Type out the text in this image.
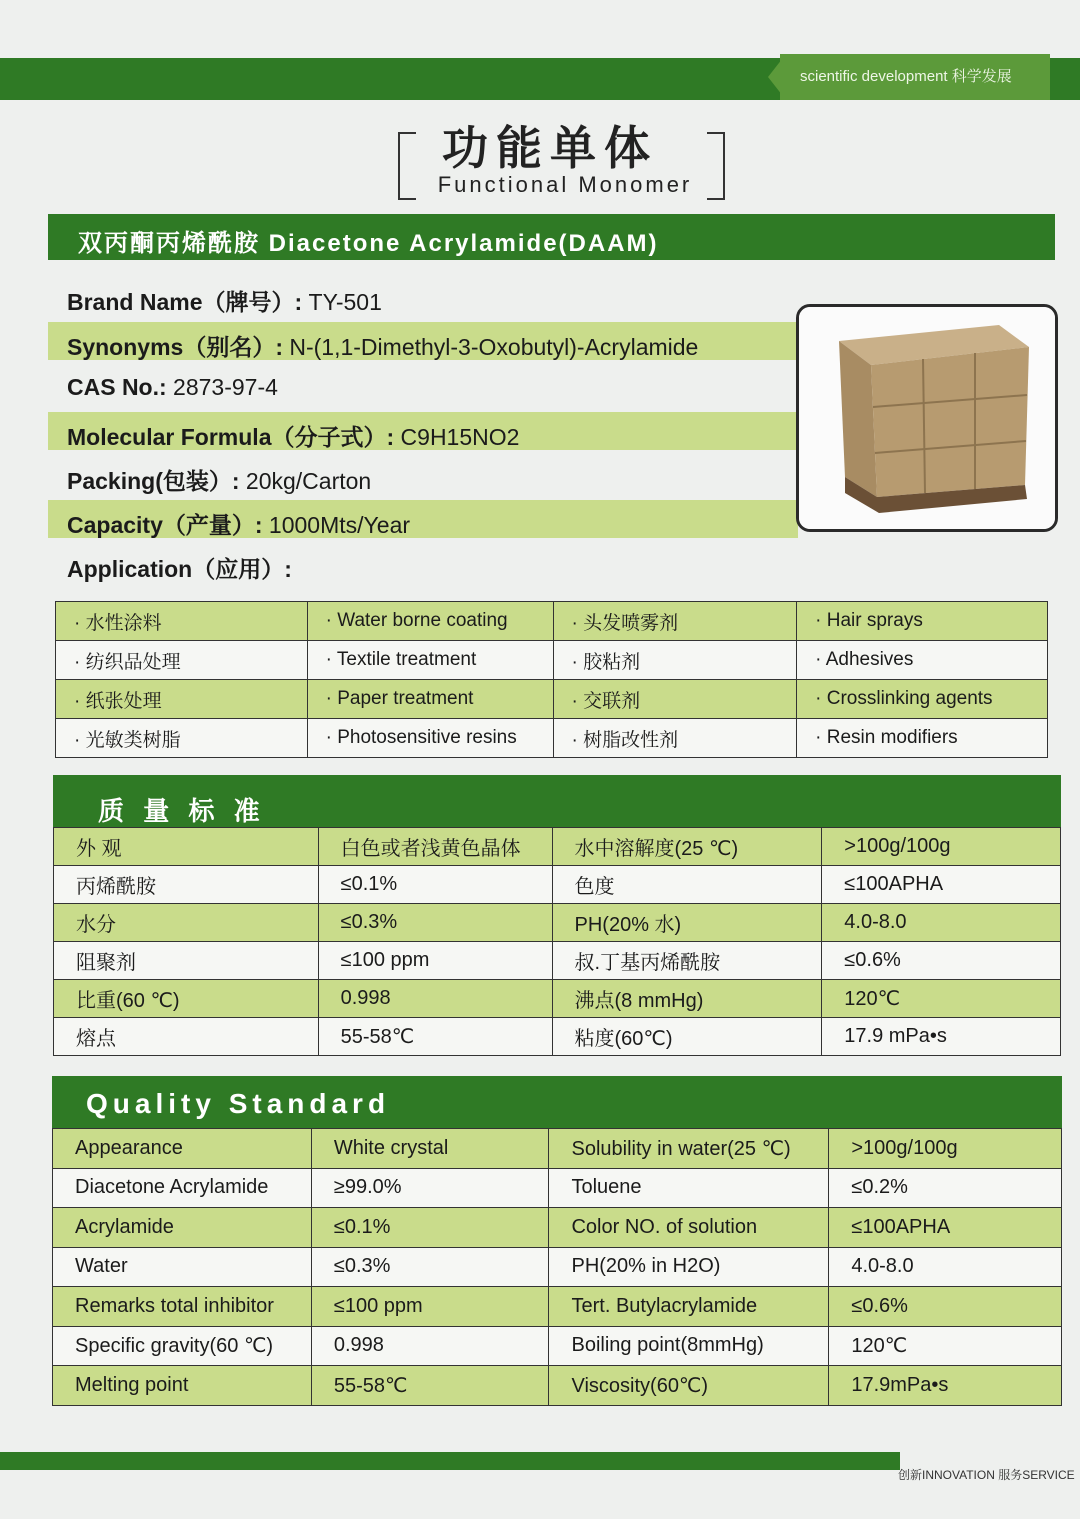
scientific development 科学发展
功能单体
Functional Monomer
双丙酮丙烯酰胺 Diacetone Acrylamide(DAAM)
Brand Name（牌号）: TY-501
Synonyms（别名）: N-(1,1-Dimethyl-3-Oxobutyl)-Acrylamide
CAS No.: 2873-97-4
Molecular Formula（分子式）: C9H15NO2
Packing(包装）: 20kg/Carton
Capacity（产量）: 1000Mts/Year
Application（应用）:
· 水性涂料	· Water borne coating	· 头发喷雾剂	· Hair sprays
· 纺织品处理	· Textile treatment	· 胶粘剂	· Adhesives
· 纸张处理	· Paper treatment	· 交联剂	· Crosslinking agents
· 光敏类树脂	· Photosensitive resins	· 树脂改性剂	· Resin modifiers
质 量 标 准
外 观	白色或者浅黄色晶体	水中溶解度(25 ℃)	>100g/100g
丙烯酰胺	≤0.1%	色度	≤100APHA
水分	≤0.3%	PH(20% 水)	4.0-8.0
阻聚剂	≤100 ppm	叔.丁基丙烯酰胺	≤0.6%
比重(60 ℃)	0.998	沸点(8 mmHg)	120℃
熔点	55-58℃	粘度(60℃)	17.9 mPa•s
Quality Standard
Appearance	White crystal	Solubility in water(25 ℃)	>100g/100g
Diacetone Acrylamide	≥99.0%	Toluene	≤0.2%
Acrylamide	≤0.1%	Color NO. of solution	≤100APHA
Water	≤0.3%	PH(20% in H2O)	4.0-8.0
Remarks total inhibitor	≤100 ppm	Tert. Butylacrylamide	≤0.6%
Specific gravity(60 ℃)	0.998	Boiling point(8mmHg)	120℃
Melting point	55-58℃	Viscosity(60℃)	17.9mPa•s
创新INNOVATION 服务SERVICE
